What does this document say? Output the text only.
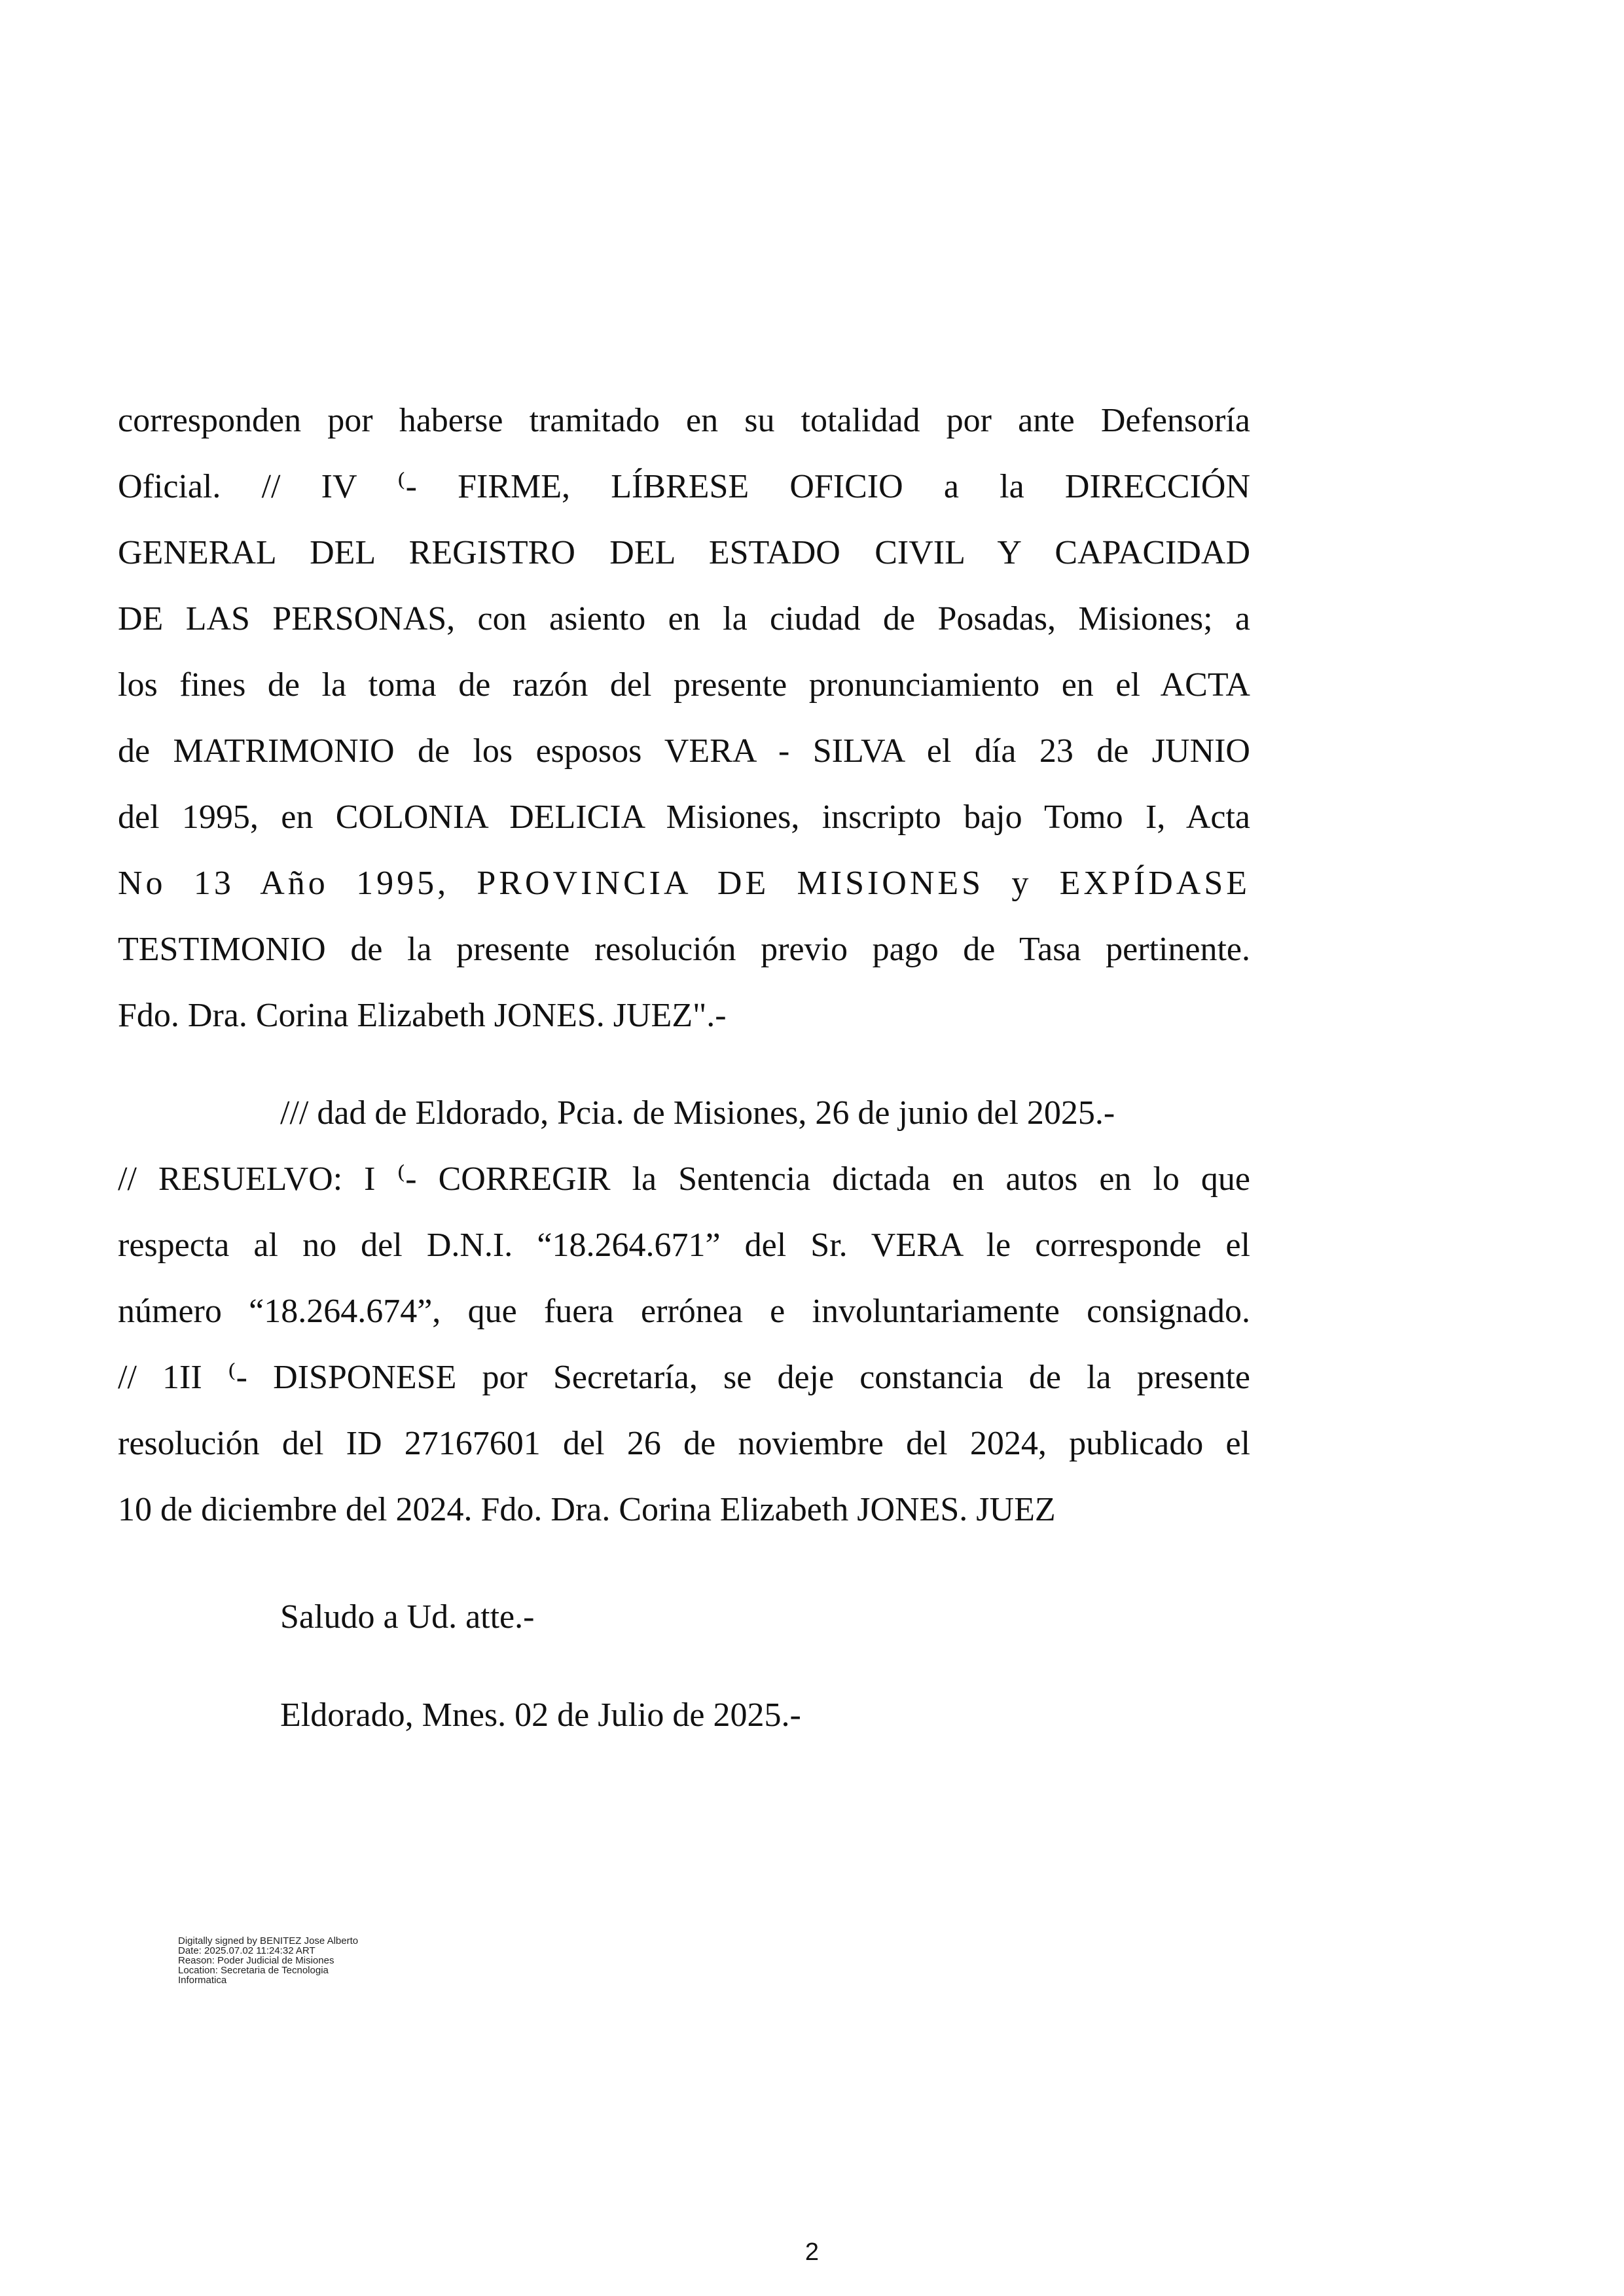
corresponden por haberse tramitado en su totalidad por ante Defensoría
Oficial. // IV ⁽- FIRME, LÍBRESE OFICIO a la DIRECCIÓN
GENERAL DEL REGISTRO DEL ESTADO CIVIL Y CAPACIDAD
DE LAS PERSONAS, con asiento en la ciudad de Posadas, Misiones; a
los fines de la toma de razón del presente pronunciamiento en el ACTA
de MATRIMONIO de los esposos VERA - SILVA el día 23 de JUNIO
del 1995, en COLONIA DELICIA Misiones, inscripto bajo Tomo I, Acta
No 13 Año 1995, PROVINCIA DE MISIONES y EXPÍDASE
TESTIMONIO de la presente resolución previo pago de Tasa pertinente.
Fdo. Dra. Corina Elizabeth JONES. JUEZ".-
/// dad de Eldorado, Pcia. de Misiones, 26 de junio del 2025.-
// RESUELVO: I ⁽- CORREGIR la Sentencia dictada en autos en lo que
respecta al no del D.N.I. “18.264.671” del Sr. VERA le corresponde el
número “18.264.674”, que fuera errónea e involuntariamente consignado.
// 1II ⁽- DISPONESE por Secretaría, se deje constancia de la presente
resolución del ID 27167601 del 26 de noviembre del 2024, publicado el
10 de diciembre del 2024. Fdo. Dra. Corina Elizabeth JONES. JUEZ
Saludo a Ud. atte.-
Eldorado, Mnes. 02 de Julio de 2025.-
Digitally signed by BENITEZ Jose Alberto
Date: 2025.07.02 11:24:32 ART
Reason: Poder Judicial de Misiones
Location: Secretaria de Tecnologia
Informatica
2
